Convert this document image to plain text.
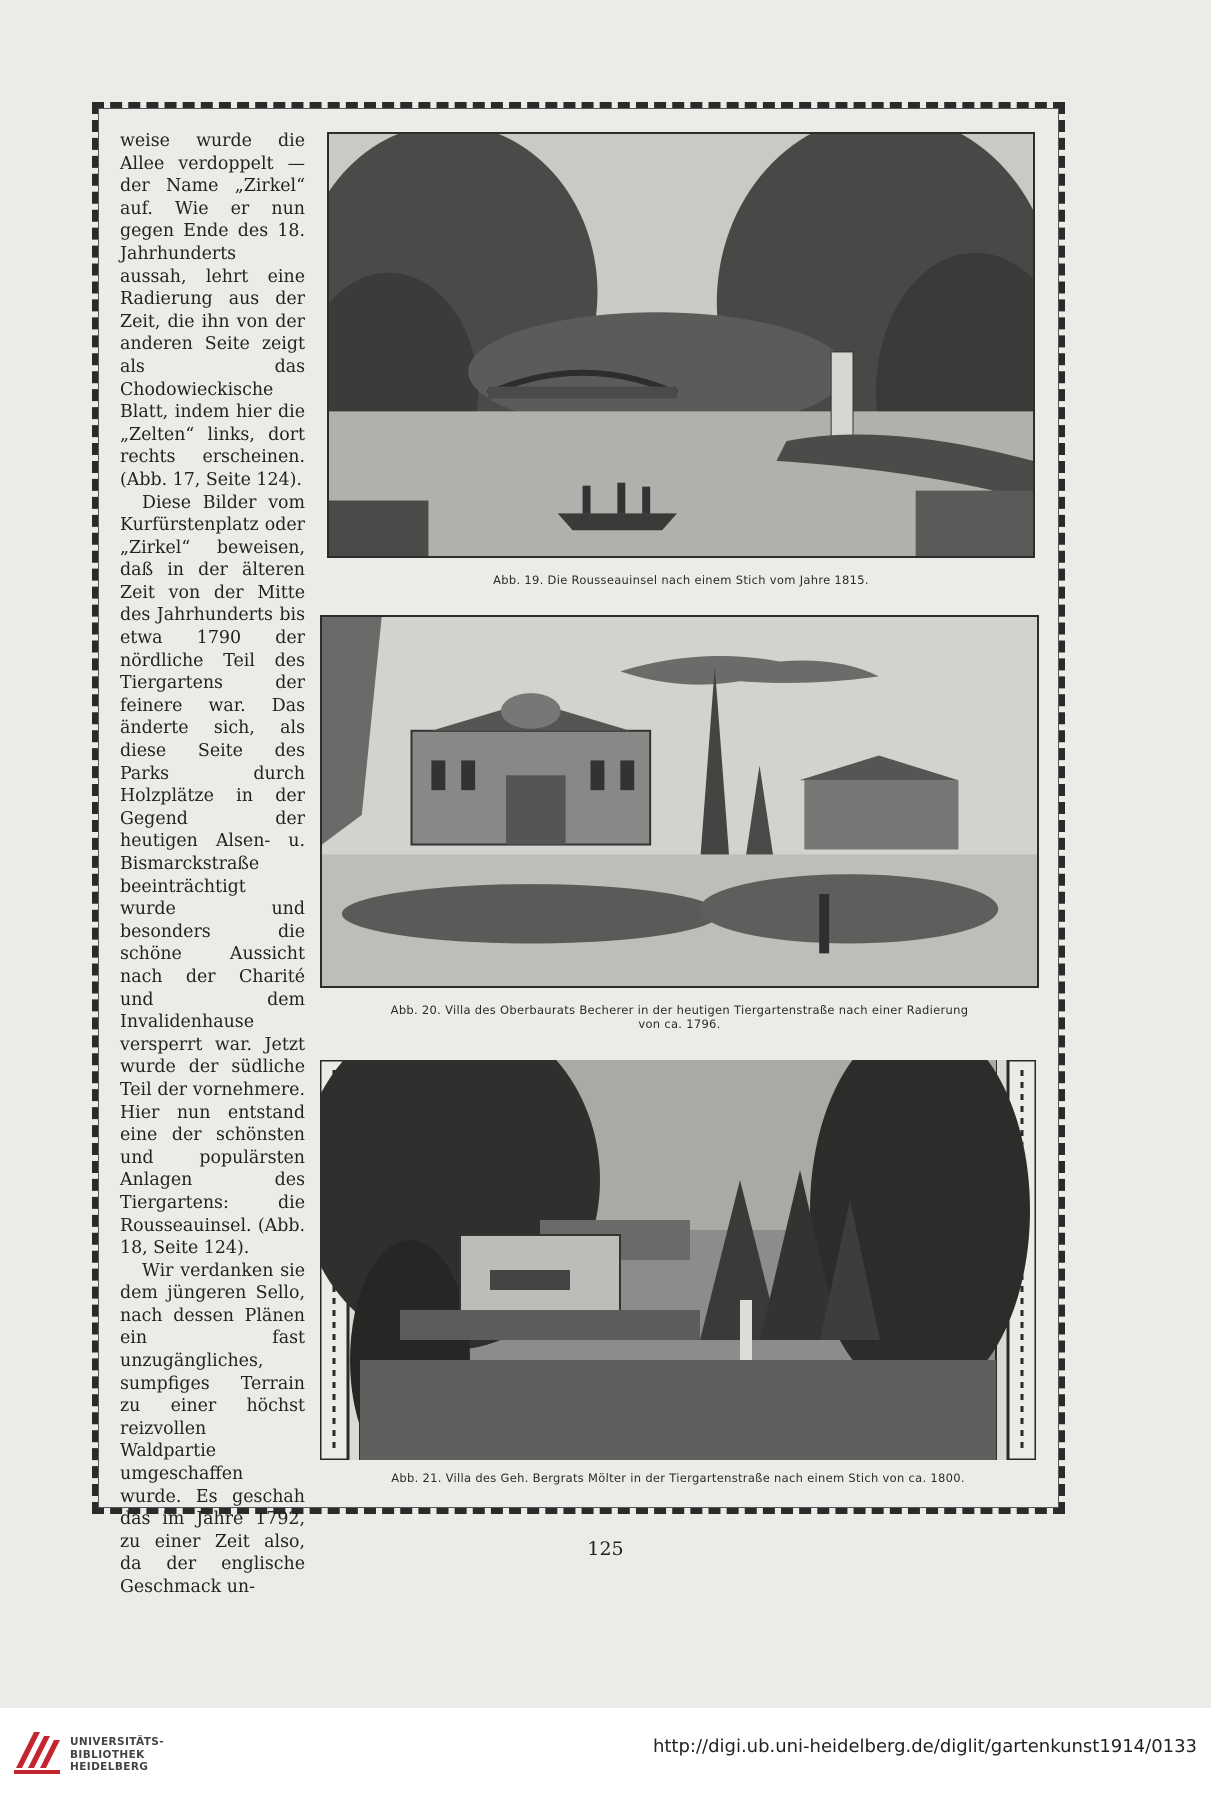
weise wurde die Allee verdoppelt — der Name „Zirkel“ auf. Wie er nun gegen Ende des 18. Jahrhunderts aussah, lehrt eine Radierung aus der Zeit, die ihn von der anderen Seite zeigt als das Chodowieckische Blatt, indem hier die „Zelten“ links, dort rechts erscheinen. (Abb. 17, Seite 124).

Diese Bilder vom Kurfürstenplatz oder „Zirkel“ beweisen, daß in der älteren Zeit von der Mitte des Jahrhunderts bis etwa 1790 der nördliche Teil des Tiergartens der feinere war. Das änderte sich, als diese Seite des Parks durch Holzplätze in der Gegend der heutigen Alsen- u. Bismarckstraße beeinträchtigt wurde und besonders die schöne Aussicht nach der Charité und dem Invalidenhause versperrt war. Jetzt wurde der südliche Teil der vornehmere. Hier nun entstand eine der schönsten und populärsten Anlagen des Tiergartens: die Rousseauinsel. (Abb. 18, Seite 124).

Wir verdanken sie dem jüngeren Sello, nach dessen Plänen ein fast unzugängliches, sumpfiges Terrain zu einer höchst reizvollen Waldpartie umgeschaffen wurde. Es geschah das im Jahre 1792, zu einer Zeit also, da der englische Geschmack un-

Abb. 19. Die Rousseauinsel nach einem Stich vom Jahre 1815.
Abb. 20. Villa des Oberbaurats Becherer in der heutigen Tiergartenstraße nach einer Radierung
von ca. 1796.
Abb. 21. Villa des Geh. Bergrats Mölter in der Tiergartenstraße nach einem Stich von ca. 1800.
125
UNIVERSITÄTS-
BIBLIOTHEK
HEIDELBERG
http://digi.ub.uni-heidelberg.de/diglit/gartenkunst1914/0133
